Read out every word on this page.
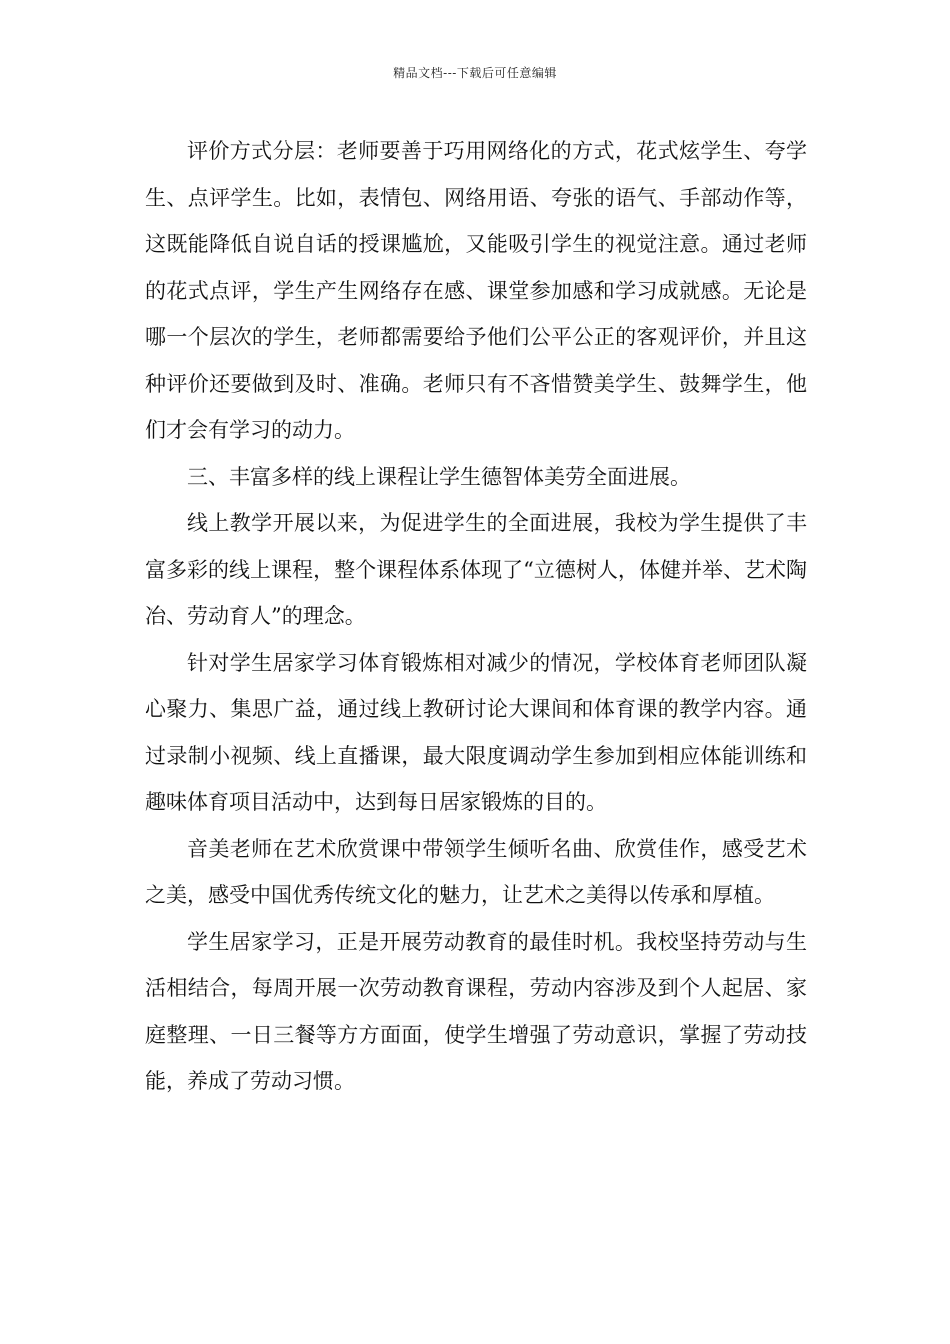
精品文档---下载后可任意编辑

评价方式分层：老师要善于巧用网络化的方式，花式炫学生、夸学生、点评学生。比如，表情包、网络用语、夸张的语气、手部动作等，这既能降低自说自话的授课尴尬，又能吸引学生的视觉注意。通过老师的花式点评，学生产生网络存在感、课堂参加感和学习成就感。无论是哪一个层次的学生，老师都需要给予他们公平公正的客观评价，并且这种评价还要做到及时、准确。老师只有不吝惜赞美学生、鼓舞学生，他们才会有学习的动力。

三、丰富多样的线上课程让学生德智体美劳全面进展。

线上教学开展以来，为促进学生的全面进展，我校为学生提供了丰富多彩的线上课程，整个课程体系体现了“立德树人，体健并举、艺术陶冶、劳动育人”的理念。

针对学生居家学习体育锻炼相对减少的情况，学校体育老师团队凝心聚力、集思广益，通过线上教研讨论大课间和体育课的教学内容。通过录制小视频、线上直播课，最大限度调动学生参加到相应体能训练和趣味体育项目活动中，达到每日居家锻炼的目的。

音美老师在艺术欣赏课中带领学生倾听名曲、欣赏佳作，感受艺术之美，感受中国优秀传统文化的魅力，让艺术之美得以传承和厚植。

学生居家学习，正是开展劳动教育的最佳时机。我校坚持劳动与生活相结合，每周开展一次劳动教育课程，劳动内容涉及到个人起居、家庭整理、一日三餐等方方面面，使学生增强了劳动意识，掌握了劳动技能，养成了劳动习惯。
